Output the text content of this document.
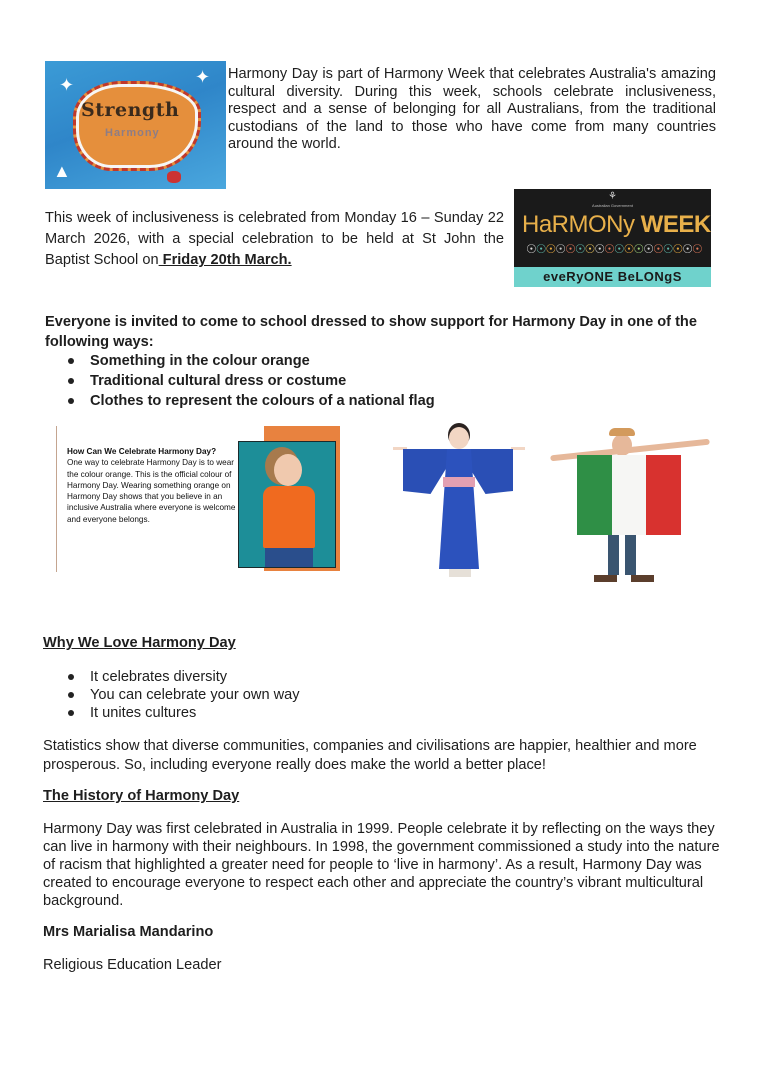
✦	✦
▲
Strength
Harmony

Harmony Day is part of Harmony Week that celebrates Australia's amazing cultural diversity. During this week, schools celebrate inclusiveness, respect and a sense of belonging for all Australians, from the traditional custodians of the land to those who have come from many countries around the world.

This week of inclusiveness is celebrated from Monday 16 – Sunday 22 March 2026, with a special celebration to be held at St John the Baptist School on Friday 20th March.

⚘
Australian Government
HaRMONy WEEK
☉☉☉☉☉☉☉☉☉☉☉☉☉☉☉☉☉☉
eveRyONE BeLONgS

Everyone is invited to come to school dressed to show support for Harmony Day in one of the following ways:

Something in the colour orange
Traditional cultural dress or costume
Clothes to represent the colours of a national flag
How Can We Celebrate Harmony Day?
One way to celebrate Harmony Day is to wear the colour orange. This is the official colour of Harmony Day. Wearing something orange on Harmony Day shows that you believe in an inclusive Australia where everyone is welcome and everyone belongs.
Why We Love Harmony Day
It celebrates diversity
You can celebrate your own way
It unites cultures

Statistics show that diverse communities, companies and civilisations are happier, healthier and more prosperous. So, including everyone really does make the world a better place!

The History of Harmony Day

Harmony Day was first celebrated in Australia in 1999. People celebrate it by reflecting on the ways they can live in harmony with their neighbours. In 1998, the government commissioned a study into the nature of racism that highlighted a greater need for people to ‘live in harmony’. As a result, Harmony Day was created to encourage everyone to respect each other and appreciate the country’s vibrant multicultural background.

Mrs Marialisa Mandarino

Religious Education Leader
